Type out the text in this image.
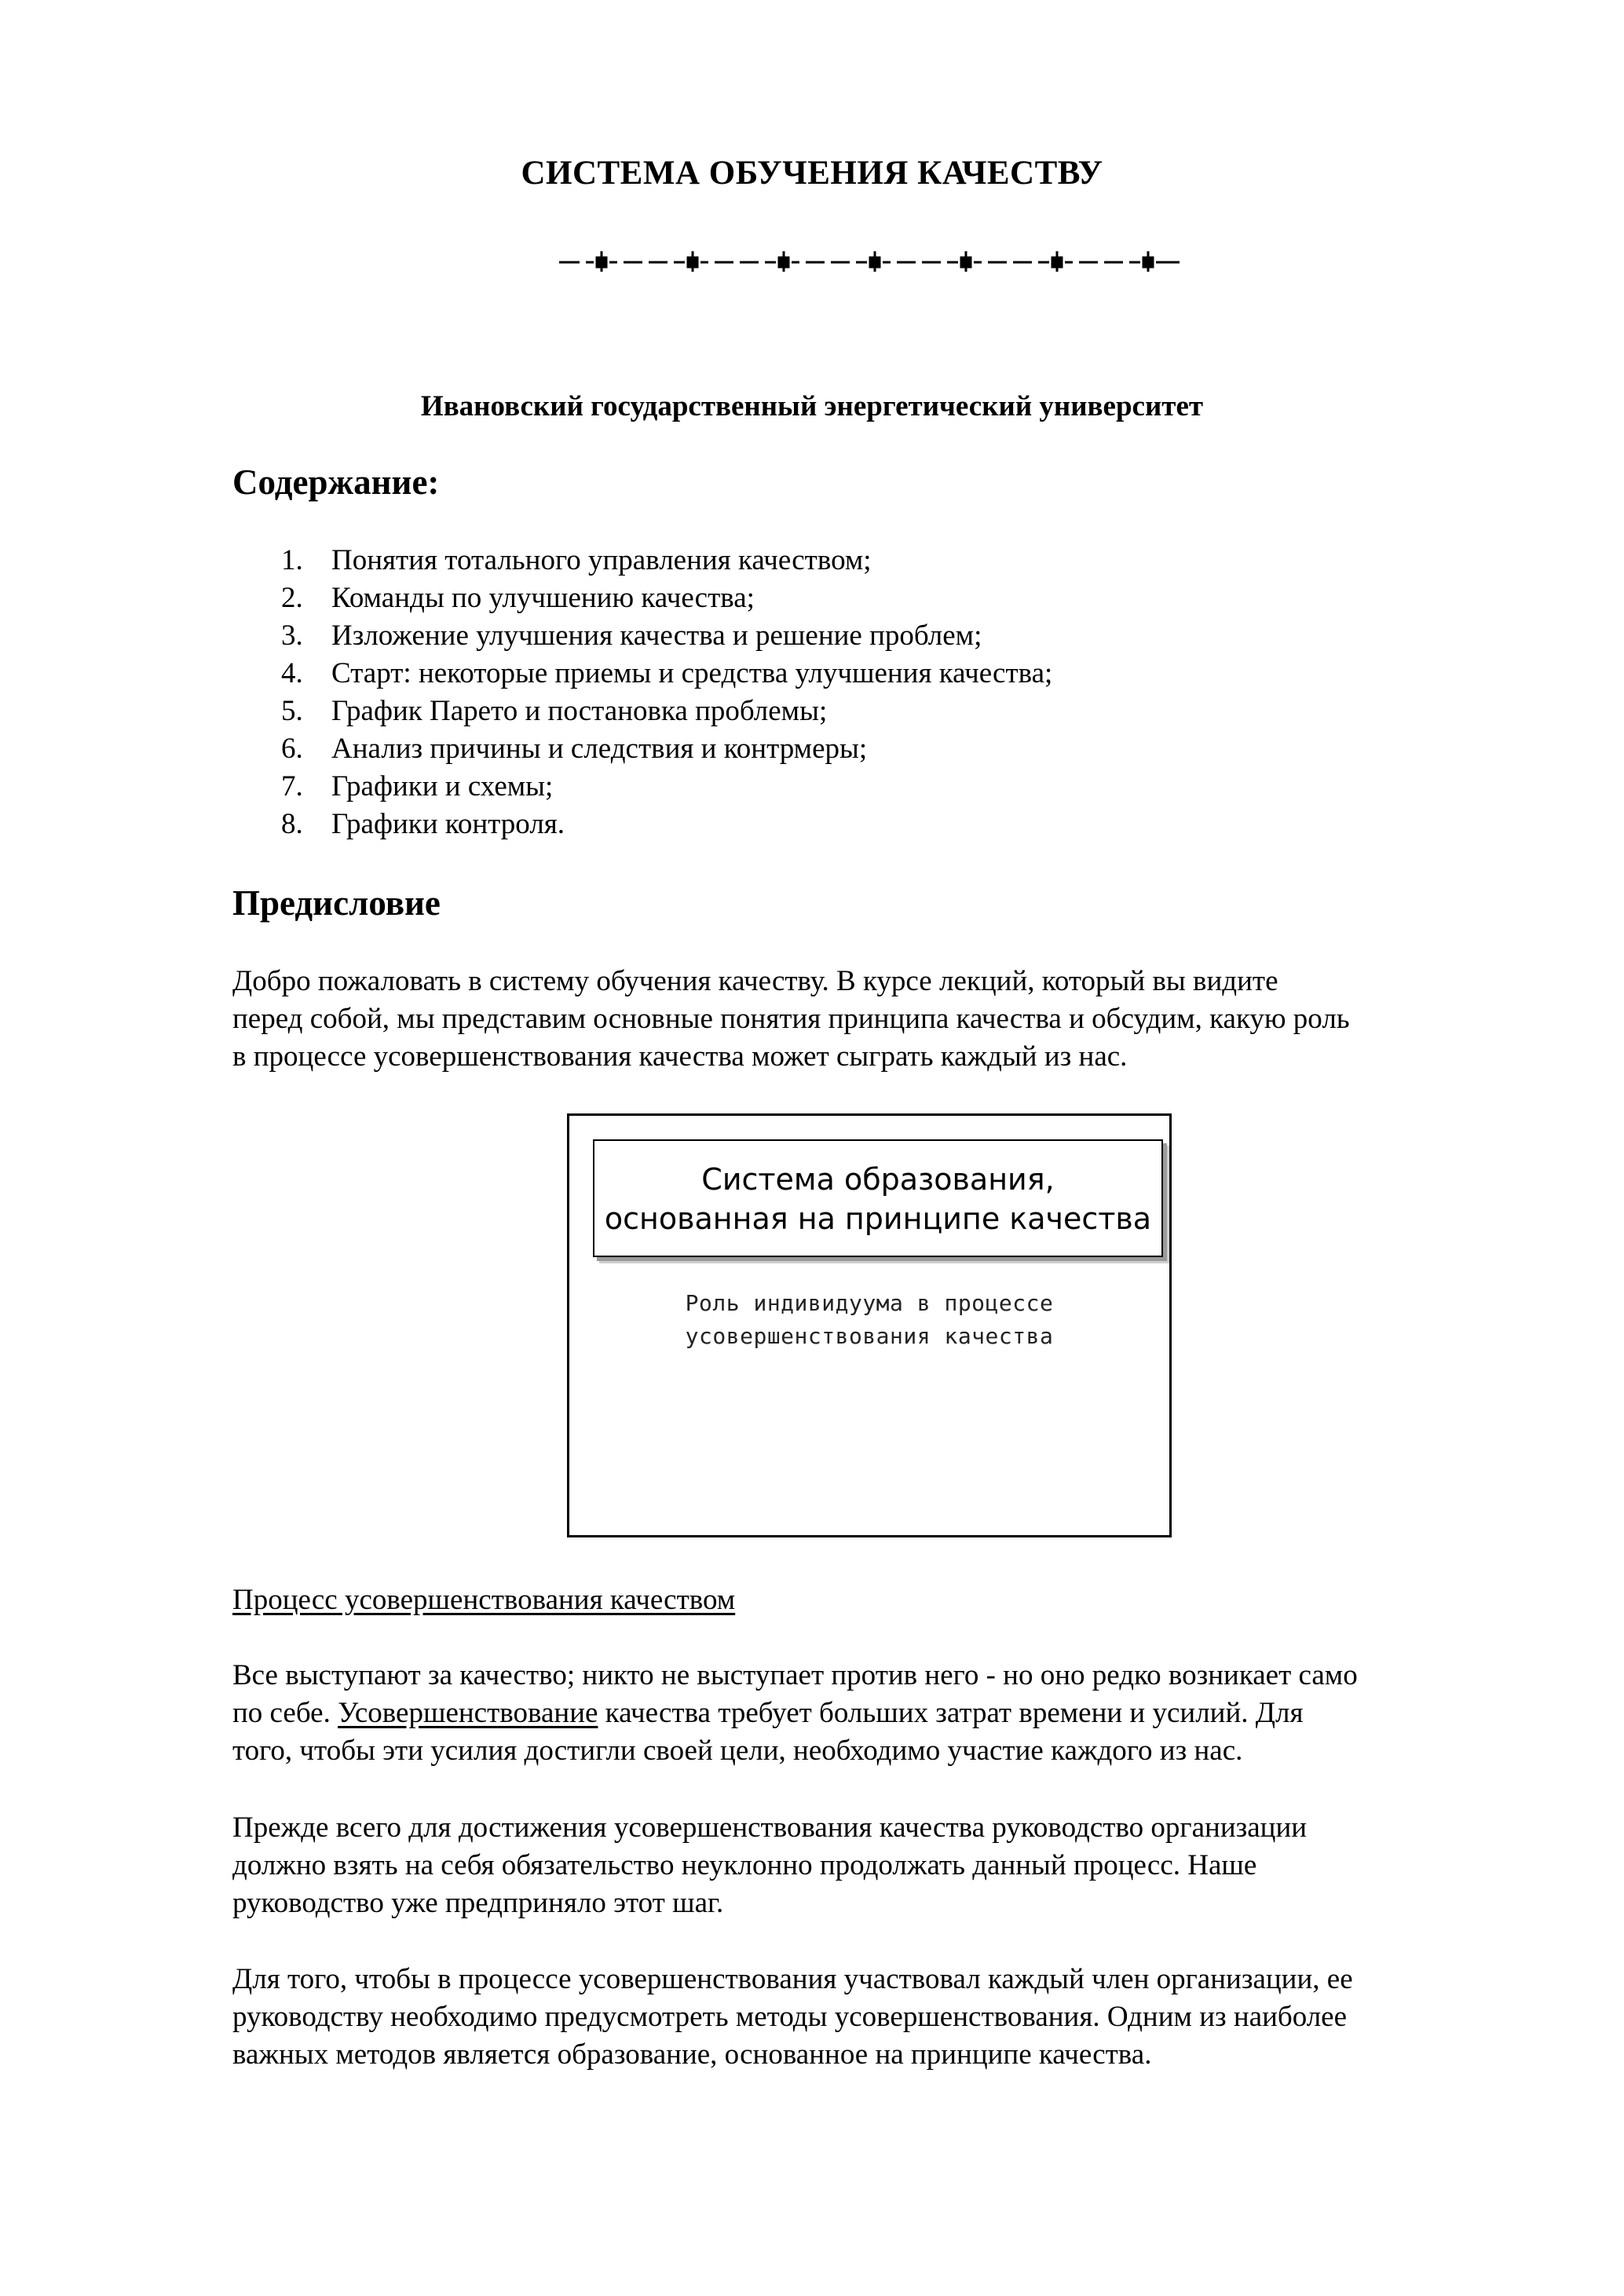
СИСТЕМА ОБУЧЕНИЯ КАЧЕСТВУ
Ивановский государственный энергетический университет
Содержание:
1. Понятия тотального управления качеством;
2. Команды по улучшению качества;
3. Изложение улучшения качества и решение проблем;
4. Старт: некоторые приемы и средства улучшения качества;
5. График Парето и постановка проблемы;
6. Анализ причины и следствия и контрмеры;
7. Графики и схемы;
8. Графики контроля.
Предисловие
Добро пожаловать в систему обучения качеству. В курсе лекций, который вы видите
перед собой, мы представим основные понятия принципа качества и обсудим, какую роль
в процессе усовершенствования качества может сыграть каждый из нас.
Система образования,
основанная на принципе качества
Роль индивидуума в процессе
усовершенствования качества
Процесс усовершенствования качеством
Все выступают за качество; никто не выступает против него - но оно редко возникает само
по себе. Усовершенствование качества требует больших затрат времени и усилий. Для
того, чтобы эти усилия достигли своей цели, необходимо участие каждого из нас.
Прежде всего для достижения усовершенствования качества руководство организации
должно взять на себя обязательство неуклонно продолжать данный процесс. Наше
руководство уже предприняло этот шаг.
Для того, чтобы в процессе усовершенствования участвовал каждый член организации, ее
руководству необходимо предусмотреть методы усовершенствования. Одним из наиболее
важных методов является образование, основанное на принципе качества.
